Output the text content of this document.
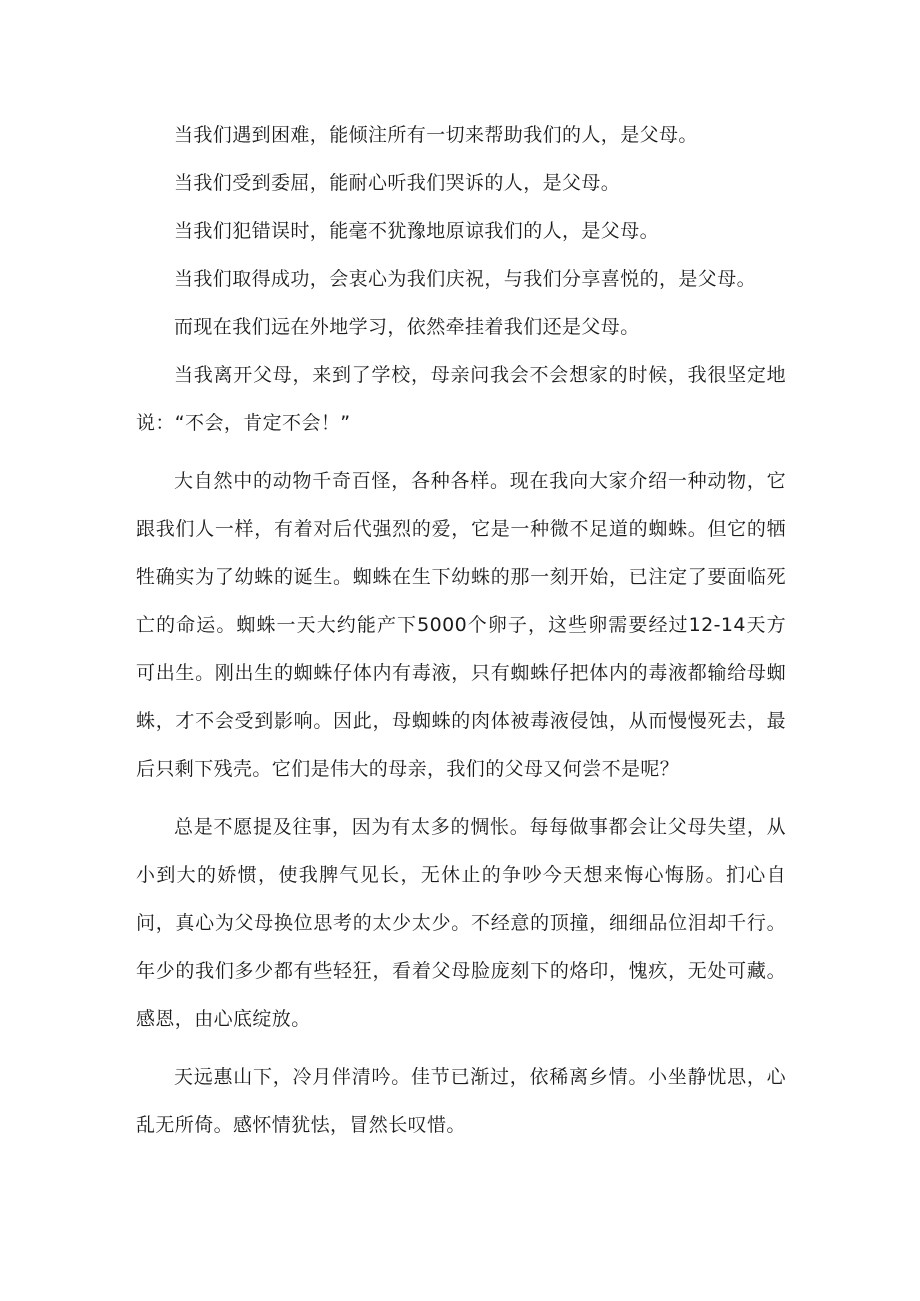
当我们遇到困难，能倾注所有一切来帮助我们的人，是父母。

当我们受到委屈，能耐心听我们哭诉的人，是父母。

当我们犯错误时，能毫不犹豫地原谅我们的人，是父母。

当我们取得成功，会衷心为我们庆祝，与我们分享喜悦的，是父母。

而现在我们远在外地学习，依然牵挂着我们还是父母。

当我离开父母，来到了学校，母亲问我会不会想家的时候，我很坚定地说：“不会，肯定不会！”

大自然中的动物千奇百怪，各种各样。现在我向大家介绍一种动物，它跟我们人一样，有着对后代强烈的爱，它是一种微不足道的蜘蛛。但它的牺牲确实为了幼蛛的诞生。蜘蛛在生下幼蛛的那一刻开始，已注定了要面临死亡的命运。蜘蛛一天大约能产下5000个卵子，这些卵需要经过12-14天方可出生。刚出生的蜘蛛仔体内有毒液，只有蜘蛛仔把体内的毒液都输给母蜘蛛，才不会受到影响。因此，母蜘蛛的肉体被毒液侵蚀，从而慢慢死去，最后只剩下残壳。它们是伟大的母亲，我们的父母又何尝不是呢？

总是不愿提及往事，因为有太多的惆怅。每每做事都会让父母失望，从小到大的娇惯，使我脾气见长，无休止的争吵今天想来悔心悔肠。扪心自问，真心为父母换位思考的太少太少。不经意的顶撞，细细品位泪却千行。年少的我们多少都有些轻狂，看着父母脸庞刻下的烙印，愧疚，无处可藏。感恩，由心底绽放。

天远惠山下，冷月伴清吟。佳节已渐过，依稀离乡情。小坐静忧思，心乱无所倚。感怀情犹怯，冒然长叹惜。
